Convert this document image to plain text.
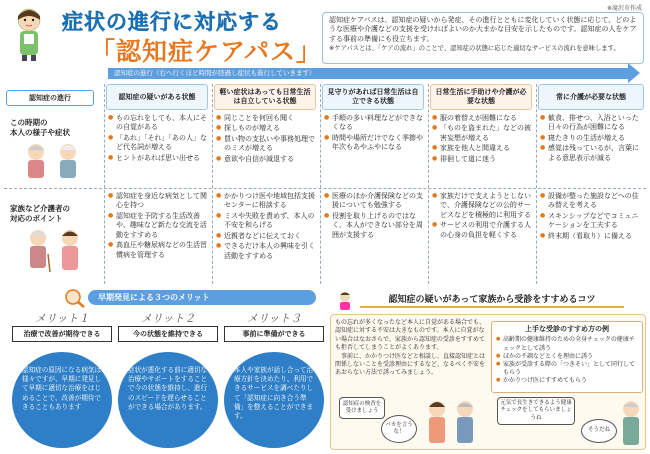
症状の進行に対応する
「認知症ケアパス」
※滝沢市作成
認知症ケアパスは、認知症の疑いから発症、その進行とともに変化していく状態に応じて、どのような医療や介護などの支援を受ければよいのか大まかな目安を示したものです。認知症の人をケアする事前の準備にも役立ちます。
※ケアパスとは、「ケアの流れ」のことで、認知症の状態に応じた適切なサービスの流れを意味します。
認知症の進行（右へ行くほど時間が経過し症状も進行していきます）
認知症の進行
この時期の
本人の様子や症状
家族など介護者の
対応のポイント
認知症の疑いがある状態
● もの忘れをしても、本人にその自覚がある
● 「あれ」「それ」「あの人」など代名詞が増える
● ヒントがあれば思い出せる
● 認知症を身近な病気として関心を持つ
● 認知症を予防する生活改善や、趣味など新たな交流を活動をすすめる
● 高血圧や糖尿病などの生活習慣病を管理する
軽い症状はあっても日常生活は自立している状態
● 同じことを何回も聞く
● 探しものが増える
● 買い物の支払いや事務処理でのミスが増える
● 意欲や自信が減退する
● かかりつけ医や地域包括支援センターに相談する
● ミスや失敗を責めず、本人の不安を和らげる
● 近親者などに伝えておく
● できるだけ本人の興味を引く活動をすすめる
見守りがあれば日常生活は自立できる状態
● 手順の多い料理などができなくなる
● 時間や場所だけでなく季節や年次もあやふやになる
● 医療のほか介護保険などの支援についても勉強する
● 役割を取り上げるのではなく、本人ができない部分を周囲が支援する
日常生活に手助けや介護が必要な状態
● 服の着替えが困難になる
● 「ものを盗まれた」などの被害妄想が増える
● 家族を他人と間違える
● 徘徊して道に迷う
● 家族だけで支えようとしないで、介護保険などの公的サービスなどを積極的に利用する
● サービスの利用で介護する人の心身の負担を軽くする
常に介護が必要な状態
● 歓食、排せつ、入浴といった日々の行為が困難になる
● 寝たきりの生活が増える
● 感覚は残っているが、言葉による意思表示が減る
● 設備が整った施設などへの住み替えを考える
● スキンシップなどでコミュニケーションを工夫する
● 終末期（看取り）に備える
早期発見による３つのメリット
メリット１
治療で改善が期待できる
認知症の原因になる病気は様々ですが、早期に発見して早期に適切な治療をはじめることで、改善が期待できることもあります
メリット２
今の状態を維持できる
症状が悪化する前に適切な治療やサポートをすることで今の状態を維持し、進行のスピードを遅らせることができる場合があります。
メリット３
事前に準備ができる
本人や家族が話し合って治療方針を決めたり、利用できるサービスを調べたりして「認知症に向き合う準備」を整えることができます。
認知症の疑いがあって家族から受診をすすめるコツ
もの忘れが多くなったなど本人に自覚がある場合でも、認知症に対する不安は大きなものです。本人に自覚がない場合はなおさらで、家族から認知症の受診をすすめても拒否してしまうことがよくあります。
　事前に、かかりつけ医などと相談し、直接認知症とは関係しないことを受診理由にするなど、なるべく不安をあおらない方法で誘ってみましょう。
上手な受診のすすめ方の例
● 高齢期の健康維持のための全身チェックの健康チェックとして誘う
● ほかの不調などとくを理由に誘う
● 家族が受診する際の「つきそい」として同行してもらう
● かかりつけ医にすすめてもらう
認知症の検査を受けましょう
バカを言うな！
元気で長生きできるよう健康チェックをしてもらいましょうね
そうだね
